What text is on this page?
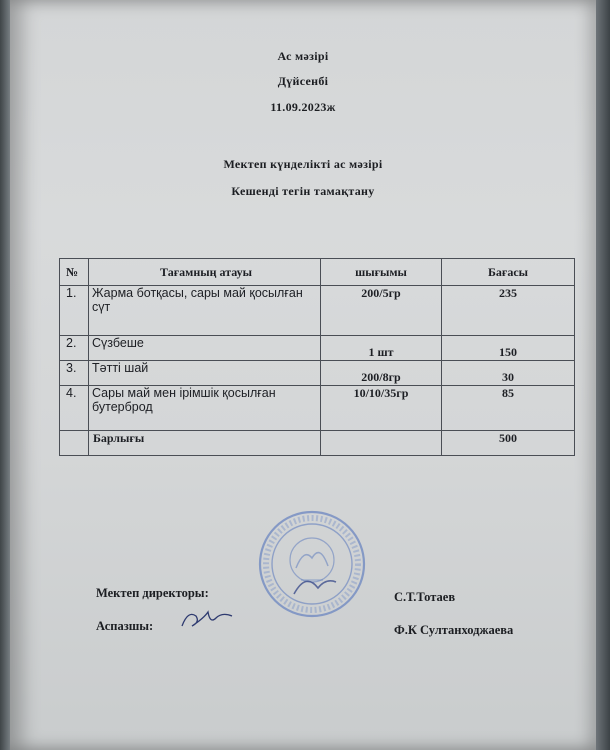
Ас мәзірі
Дүйсенбі
11.09.2023ж
Мектеп күнделікті ас мәзірі
Кешенді тегін тамақтану
№	Тағамның атауы	шығымы	Бағасы
1.	Жарма ботқасы, сары май қосылған сүт	200/5гр	235
2.	Сүзбеше	1 шт	150
3.	Тәтті шай	200/8гр	30
4.	Сары май мен ірімшік қосылған бутерброд	10/10/35гр	85
	Барлығы		500
Мектеп директоры:	С.Т.Тотаев
Аспазшы:	Ф.К Султанходжаева
